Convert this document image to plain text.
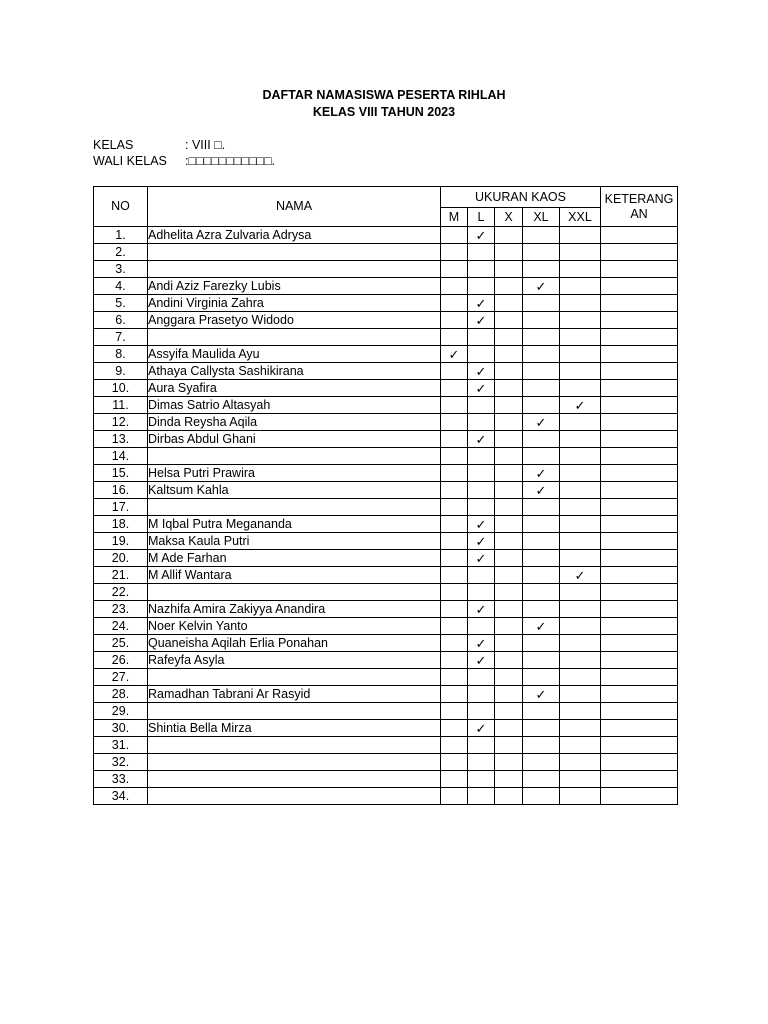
DAFTAR NAMASISWA PESERTA RIHLAH
KELAS VIII TAHUN 2023
KELAS	: VIII □.
WALI KELAS :□□□□□□□□□□□.
NO	NAMA	UKURAN KAOS					KETERANG
AN
		M	L	X	XL	XXL	
1.	Adhelita Azra Zulvaria Adrysa		✓				
2.							
3.							
4.	Andi Aziz Farezky Lubis				✓		
5.	Andini Virginia Zahra		✓				
6.	Anggara Prasetyo Widodo		✓				
7.							
8.	Assyifa Maulida Ayu	✓					
9.	Athaya Callysta Sashikirana		✓				
10.	Aura Syafira		✓				
11.	Dimas Satrio Altasyah					✓	
12.	Dinda Reysha Aqila				✓		
13.	Dirbas Abdul Ghani		✓				
14.							
15.	Helsa Putri Prawira				✓		
16.	Kaltsum Kahla				✓		
17.							
18.	M Iqbal Putra Megananda		✓				
19.	Maksa Kaula Putri		✓				
20.	M Ade Farhan		✓				
21.	M Allif Wantara					✓	
22.							
23.	Nazhifa Amira Zakiyya Anandira		✓				
24.	Noer Kelvin Yanto				✓		
25.	Quaneisha Aqilah Erlia Ponahan		✓				
26.	Rafeyfa Asyla		✓				
27.							
28.	Ramadhan Tabrani Ar Rasyid				✓		
29.							
30.	Shintia Bella Mirza		✓				
31.							
32.							
33.							
34.							
